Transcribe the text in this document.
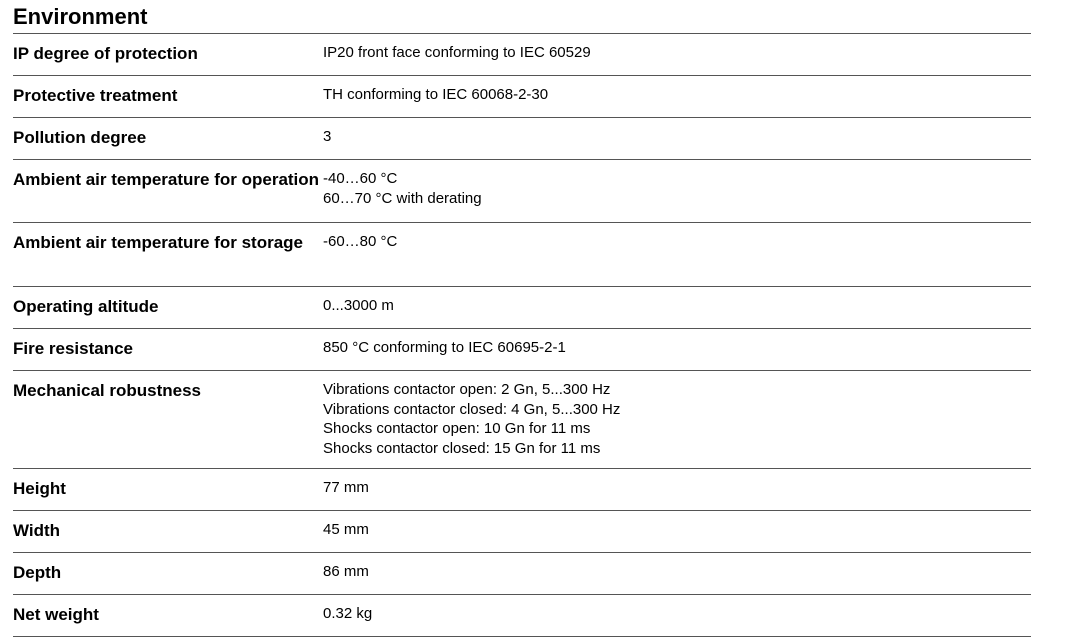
Environment
IP degree of protection	IP20 front face conforming to IEC 60529
Protective treatment	TH conforming to IEC 60068-2-30
Pollution degree	3
Ambient air temperature for operation -40…60 °C
60…70 °C with derating
Ambient air temperature for storage	-60…80 °C
Operating altitude	0...3000 m
Fire resistance	850 °C conforming to IEC 60695-2-1
Mechanical robustness	Vibrations contactor open: 2 Gn, 5...300 Hz
Vibrations contactor closed: 4 Gn, 5...300 Hz
Shocks contactor open: 10 Gn for 11 ms
Shocks contactor closed: 15 Gn for 11 ms
Height	77 mm
Width	45 mm
Depth	86 mm
Net weight	0.32 kg
